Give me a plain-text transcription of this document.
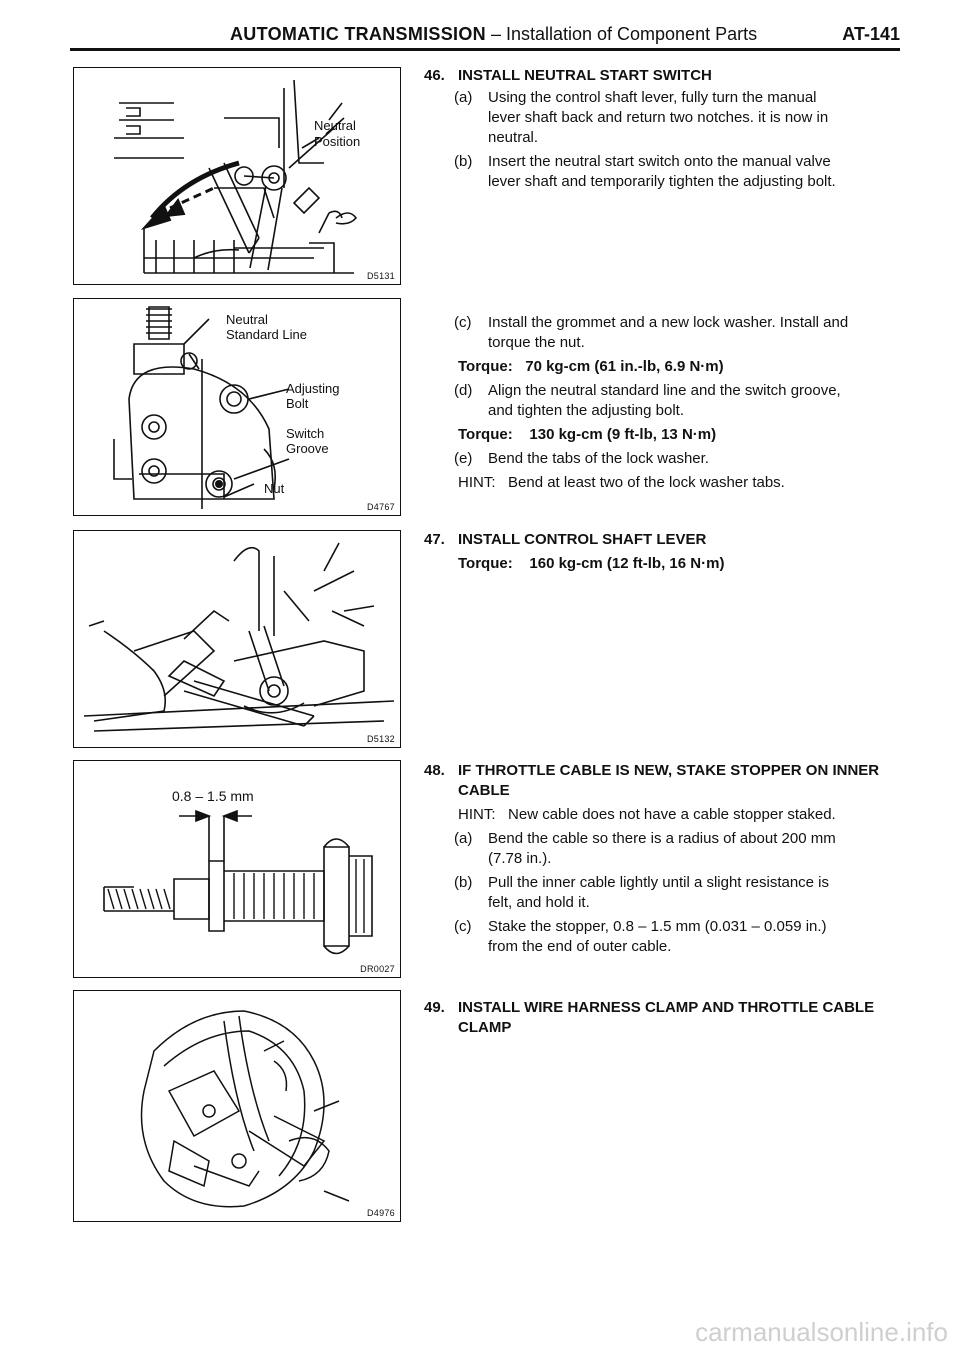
AUTOMATIC TRANSMISSION – Installation of Component Parts	AT-141
Neutral
Position
D5131
Neutral
Standard Line
Adjusting
Bolt
Switch
Groove
Nut
D4767
D5132
0.8 – 1.5 mm
DR0027
D4976
46. INSTALL NEUTRAL START SWITCH
(a) Using the control shaft lever, fully turn the manual
lever shaft back and return two notches. it is now in
neutral.
(b) Insert the neutral start switch onto the manual valve
lever shaft and temporarily tighten the adjusting bolt.
(c) Install the grommet and a new lock washer. Install and
torque the nut.
Torque: 70 kg-cm (61 in.-lb, 6.9 N·m)
(d) Align the neutral standard line and the switch groove,
and tighten the adjusting bolt.
Torque: 130 kg-cm (9 ft-lb, 13 N·m)
(e) Bend the tabs of the lock washer.
HINT: Bend at least two of the lock washer tabs.
47. INSTALL CONTROL SHAFT LEVER
Torque: 160 kg-cm (12 ft-lb, 16 N·m)
48. IF THROTTLE CABLE IS NEW, STAKE STOPPER ON INNER
CABLE
HINT: New cable does not have a cable stopper staked.
(a) Bend the cable so there is a radius of about 200 mm
(7.78 in.).
(b) Pull the inner cable lightly until a slight resistance is
felt, and hold it.
(c) Stake the stopper, 0.8 – 1.5 mm (0.031 – 0.059 in.)
from the end of outer cable.
49. INSTALL WIRE HARNESS CLAMP AND THROTTLE CABLE
CLAMP
carmanualsonline.info
